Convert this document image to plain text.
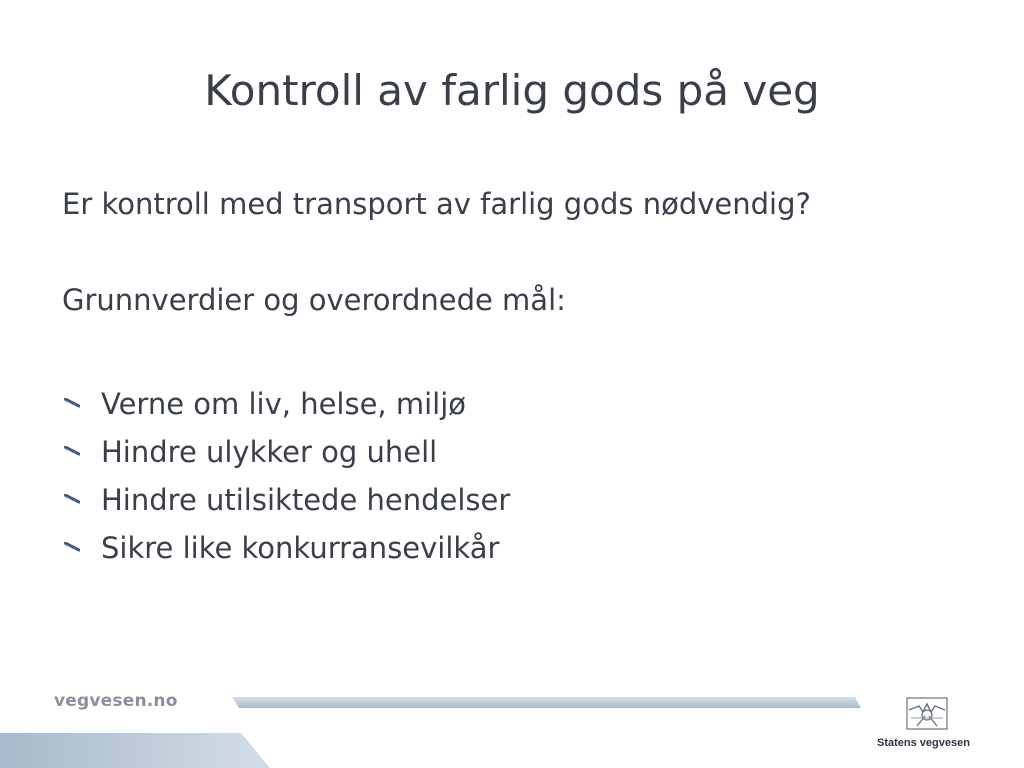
Kontroll av farlig gods på veg

Er kontroll med transport av farlig gods nødvendig?

Grunnverdier og overordnede mål:

Verne om liv, helse, miljø
Hindre ulykker og uhell
Hindre utilsiktede hendelser
Sikre like konkurransevilkår
vegvesen.no
Statens vegvesen
